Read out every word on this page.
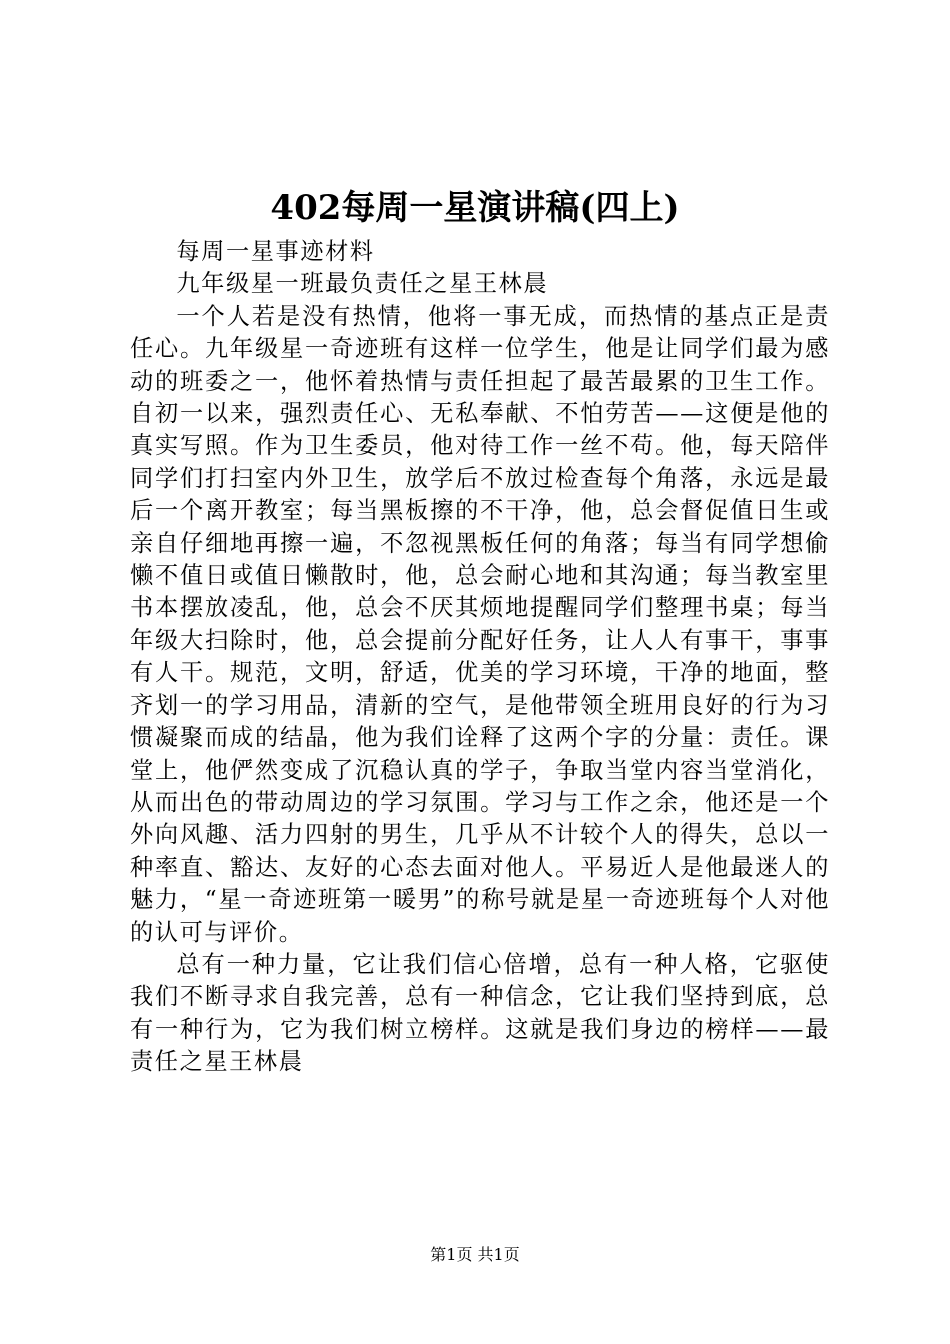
402每周一星演讲稿(四上)

每周一星事迹材料

九年级星一班最负责任之星王林晨

一个人若是没有热情，他将一事无成，而热情的基点正是责任心。九年级星一奇迹班有这样一位学生，他是让同学们最为感动的班委之一，他怀着热情与责任担起了最苦最累的卫生工作。自初一以来，强烈责任心、无私奉献、不怕劳苦——这便是他的真实写照。作为卫生委员，他对待工作一丝不苟。他，每天陪伴同学们打扫室内外卫生，放学后不放过检查每个角落，永远是最后一个离开教室；每当黑板擦的不干净，他，总会督促值日生或亲自仔细地再擦一遍，不忽视黑板任何的角落；每当有同学想偷懒不值日或值日懒散时，他，总会耐心地和其沟通；每当教室里书本摆放凌乱，他，总会不厌其烦地提醒同学们整理书桌；每当年级大扫除时，他，总会提前分配好任务，让人人有事干，事事有人干。规范，文明，舒适，优美的学习环境，干净的地面，整齐划一的学习用品，清新的空气，是他带领全班用良好的行为习惯凝聚而成的结晶，他为我们诠释了这两个字的分量：责任。课堂上，他俨然变成了沉稳认真的学子，争取当堂内容当堂消化，从而出色的带动周边的学习氛围。学习与工作之余，他还是一个外向风趣、活力四射的男生，几乎从不计较个人的得失，总以一种率直、豁达、友好的心态去面对他人。平易近人是他最迷人的魅力，“星一奇迹班第一暖男”的称号就是星一奇迹班每个人对他的认可与评价。

总有一种力量，它让我们信心倍增，总有一种人格，它驱使我们不断寻求自我完善，总有一种信念，它让我们坚持到底，总有一种行为，它为我们树立榜样。这就是我们身边的榜样——最责任之星王林晨

第1页 共1页
